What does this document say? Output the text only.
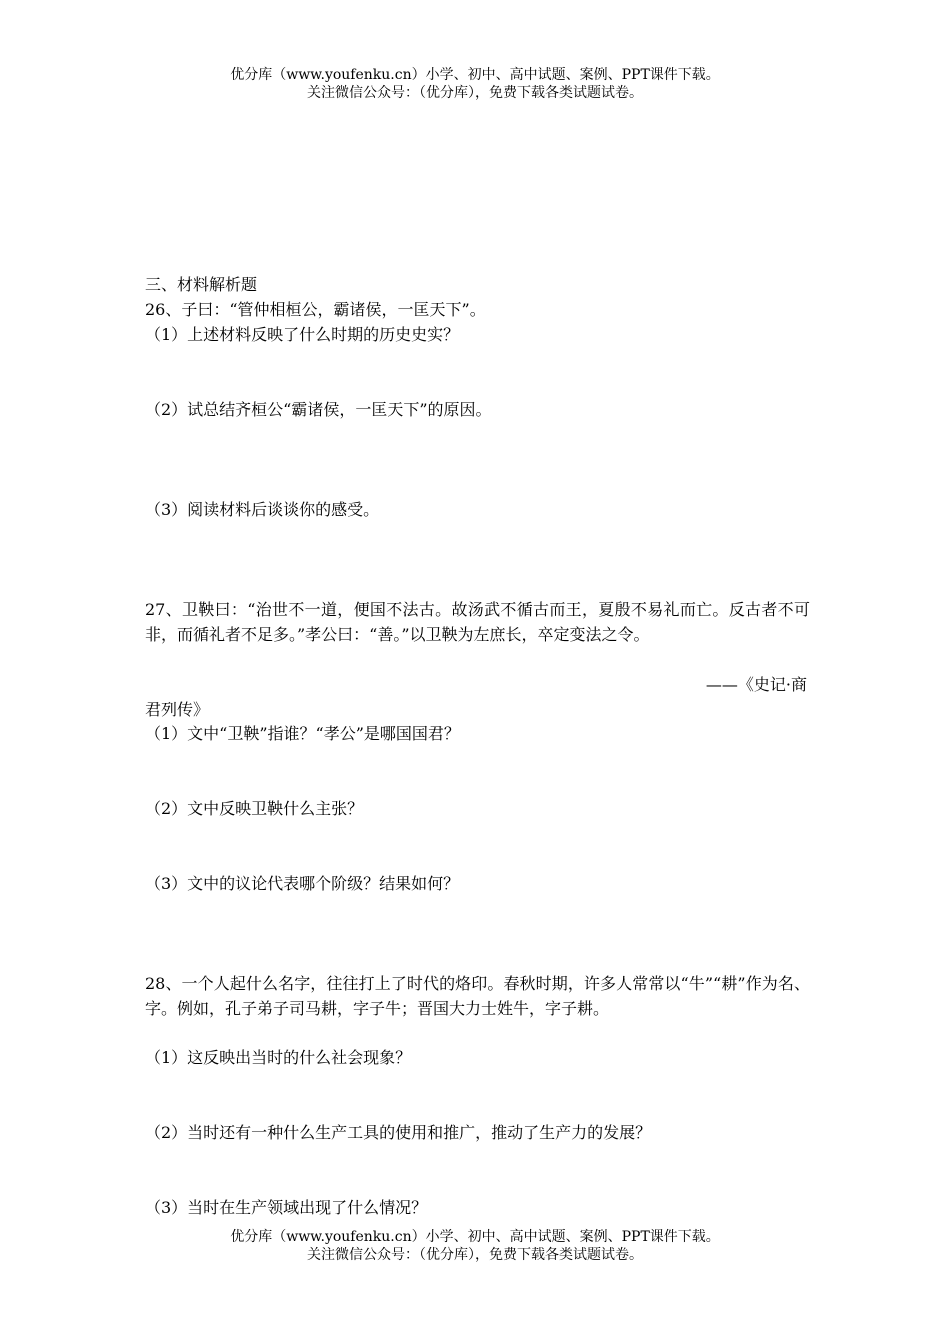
优分库（www.youfenku.cn）小学、初中、高中试题、案例、PPT课件下载。
关注微信公众号：（优分库），免费下载各类试题试卷。
三、材料解析题
26、子曰：“管仲相桓公，霸诸侯，一匡天下”。
（1）上述材料反映了什么时期的历史史实？
（2）试总结齐桓公“霸诸侯，一匡天下”的原因。
（3）阅读材料后谈谈你的感受。
27、卫鞅曰：“治世不一道，便国不法古。故汤武不循古而王，夏殷不易礼而亡。反古者不可非，而循礼者不足多。”孝公曰：“善。”以卫鞅为左庶长，卒定变法之令。
——《史记·商
君列传》
（1）文中“卫鞅”指谁？“孝公”是哪国国君？
（2）文中反映卫鞅什么主张？
（3）文中的议论代表哪个阶级？结果如何？
28、一个人起什么名字，往往打上了时代的烙印。春秋时期，许多人常常以“牛”“耕”作为名、字。例如，孔子弟子司马耕，字子牛；晋国大力士姓牛，字子耕。
（1）这反映出当时的什么社会现象？
（2）当时还有一种什么生产工具的使用和推广，推动了生产力的发展？
（3）当时在生产领域出现了什么情况？
优分库（www.youfenku.cn）小学、初中、高中试题、案例、PPT课件下载。
关注微信公众号：（优分库），免费下载各类试题试卷。
